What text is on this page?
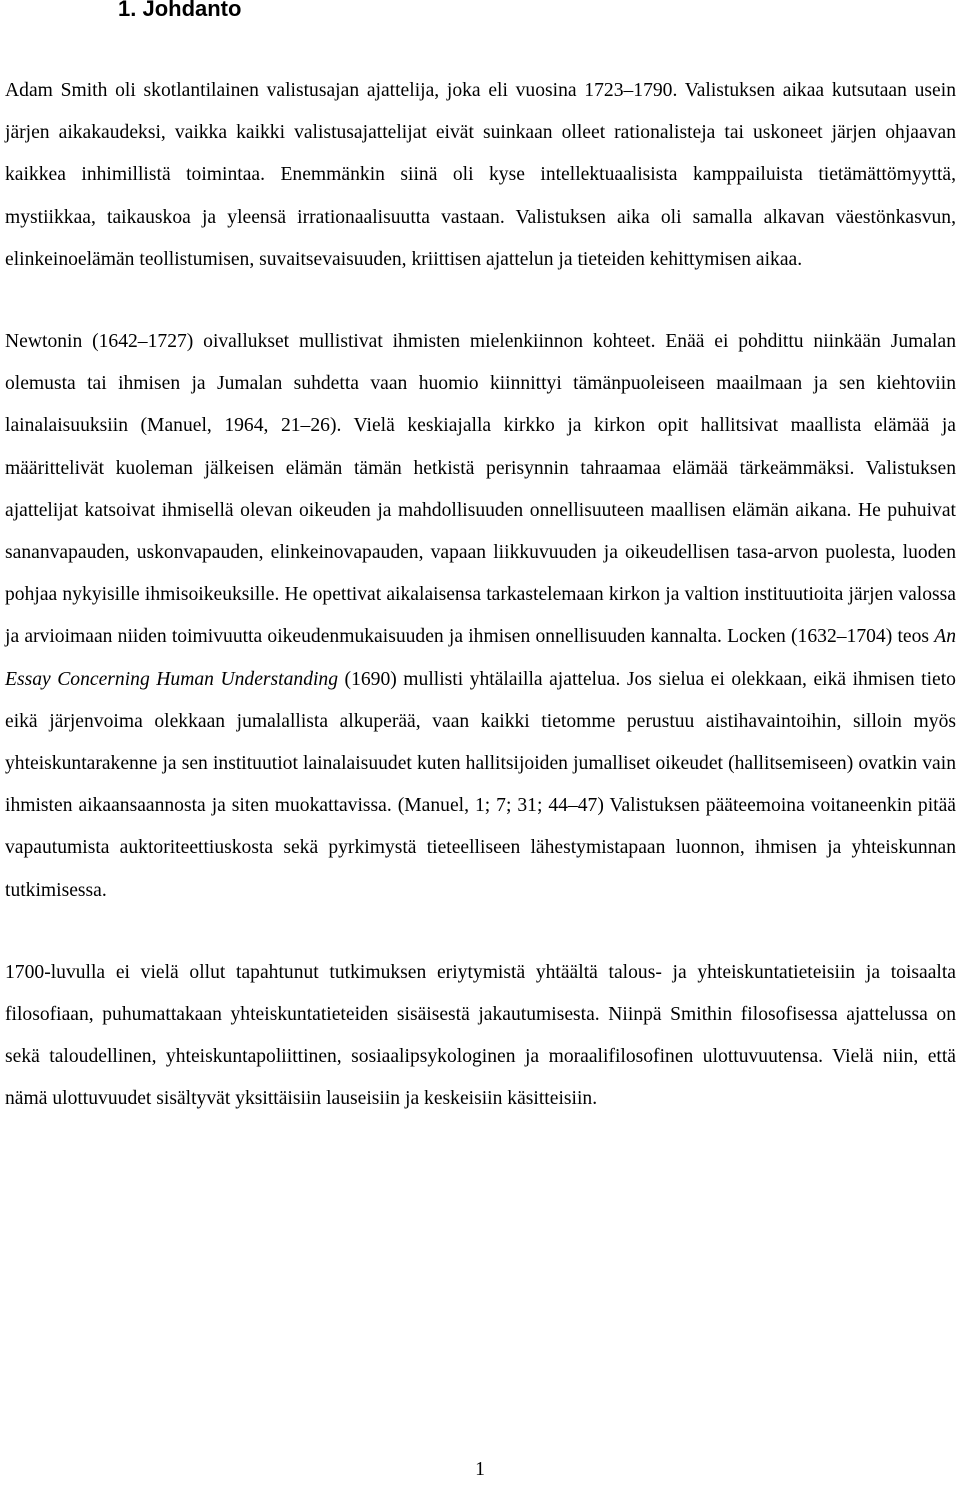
1. Johdanto

Adam Smith oli skotlantilainen valistusajan ajattelija, joka eli vuosina 1723–1790. Valistuksen aikaa kutsutaan usein järjen aikakaudeksi, vaikka kaikki valistusajattelijat eivät suinkaan olleet rationalisteja tai uskoneet järjen ohjaavan kaikkea inhimillistä toimintaa. Enemmänkin siinä oli kyse intellektuaalisista kamppailuista tietämättömyyttä, mystiikkaa, taikauskoa ja yleensä irrationaalisuutta vastaan. Valistuksen aika oli samalla alkavan väestönkasvun, elinkeinoelämän teollistumisen, suvaitsevaisuuden, kriittisen ajattelun ja tieteiden kehittymisen aikaa.

Newtonin (1642–1727) oivallukset mullistivat ihmisten mielenkiinnon kohteet. Enää ei pohdittu niinkään Jumalan olemusta tai ihmisen ja Jumalan suhdetta vaan huomio kiinnittyi tämänpuoleiseen maailmaan ja sen kiehtoviin lainalaisuuksiin (Manuel, 1964, 21–26). Vielä keskiajalla kirkko ja kirkon opit hallitsivat maallista elämää ja määrittelivät kuoleman jälkeisen elämän tämän hetkistä perisynnin tahraamaa elämää tärkeämmäksi. Valistuksen ajattelijat katsoivat ihmisellä olevan oikeuden ja mahdollisuuden onnellisuuteen maallisen elämän aikana. He puhuivat sananvapauden, uskonvapauden, elinkeinovapauden, vapaan liikkuvuuden ja oikeudellisen tasa-arvon puolesta, luoden pohjaa nykyisille ihmisoikeuksille. He opettivat aikalaisensa tarkastelemaan kirkon ja valtion instituutioita järjen valossa ja arvioimaan niiden toimivuutta oikeudenmukaisuuden ja ihmisen onnellisuuden kannalta. Locken (1632–1704) teos An Essay Concerning Human Understanding (1690) mullisti yhtälailla ajattelua. Jos sielua ei olekkaan, eikä ihmisen tieto eikä järjenvoima olekkaan jumalallista alkuperää, vaan kaikki tietomme perustuu aistihavaintoihin, silloin myös yhteiskuntarakenne ja sen instituutiot lainalaisuudet kuten hallitsijoiden jumalliset oikeudet (hallitsemiseen) ovatkin vain ihmisten aikaansaannosta ja siten muokattavissa. (Manuel, 1; 7; 31; 44–47) Valistuksen pääteemoina voitaneenkin pitää vapautumista auktoriteettiuskosta sekä pyrkimystä tieteelliseen lähestymistapaan luonnon, ihmisen ja yhteiskunnan tutkimisessa.

1700-luvulla ei vielä ollut tapahtunut tutkimuksen eriytymistä yhtäältä talous- ja yhteiskuntatieteisiin ja toisaalta filosofiaan, puhumattakaan yhteiskuntatieteiden sisäisestä jakautumisesta. Niinpä Smithin filosofisessa ajattelussa on sekä taloudellinen, yhteiskuntapoliittinen, sosiaalipsykologinen ja moraalifilosofinen ulottuvuutensa. Vielä niin, että nämä ulottuvuudet sisältyvät yksittäisiin lauseisiin ja keskeisiin käsitteisiin.

1
